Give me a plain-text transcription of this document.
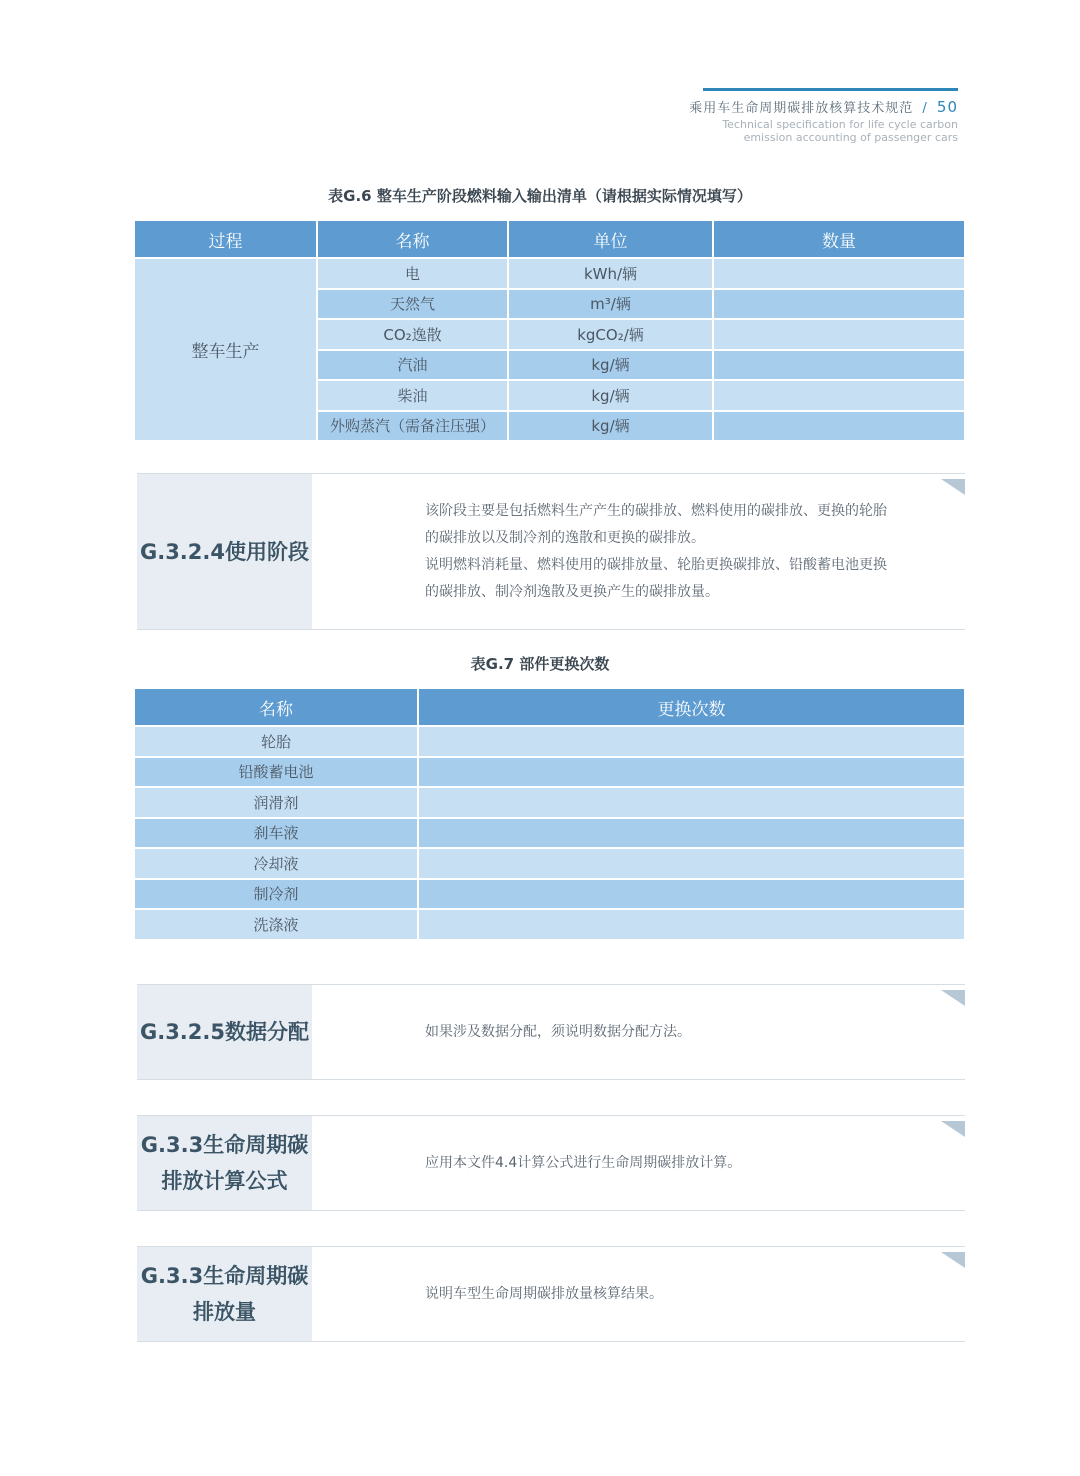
乘用车生命周期碳排放核算技术规范 / 50
Technical specification for life cycle carbon
emission accounting of passenger cars
表G.6 整车生产阶段燃料输入输出清单（请根据实际情况填写）
过程	名称	单位	数量
整车生产	电	kWh/辆	
	天然气	m³/辆	
	CO₂逸散	kgCO₂/辆	
	汽油	kg/辆	
	柴油	kg/辆	
	外购蒸汽（需备注压强）	kg/辆	
G.3.2.4使用阶段
该阶段主要是包括燃料生产产生的碳排放、燃料使用的碳排放、更换的轮胎的碳排放以及制冷剂的逸散和更换的碳排放。
说明燃料消耗量、燃料使用的碳排放量、轮胎更换碳排放、铅酸蓄电池更换的碳排放、制冷剂逸散及更换产生的碳排放量。
表G.7 部件更换次数
名称	更换次数
轮胎	
铅酸蓄电池	
润滑剂	
刹车液	
冷却液	
制冷剂	
洗涤液	
G.3.2.5数据分配	如果涉及数据分配，须说明数据分配方法。
G.3.3生命周期碳
排放计算公式
应用本文件4.4计算公式进行生命周期碳排放计算。
G.3.3生命周期碳
排放量
说明车型生命周期碳排放量核算结果。
